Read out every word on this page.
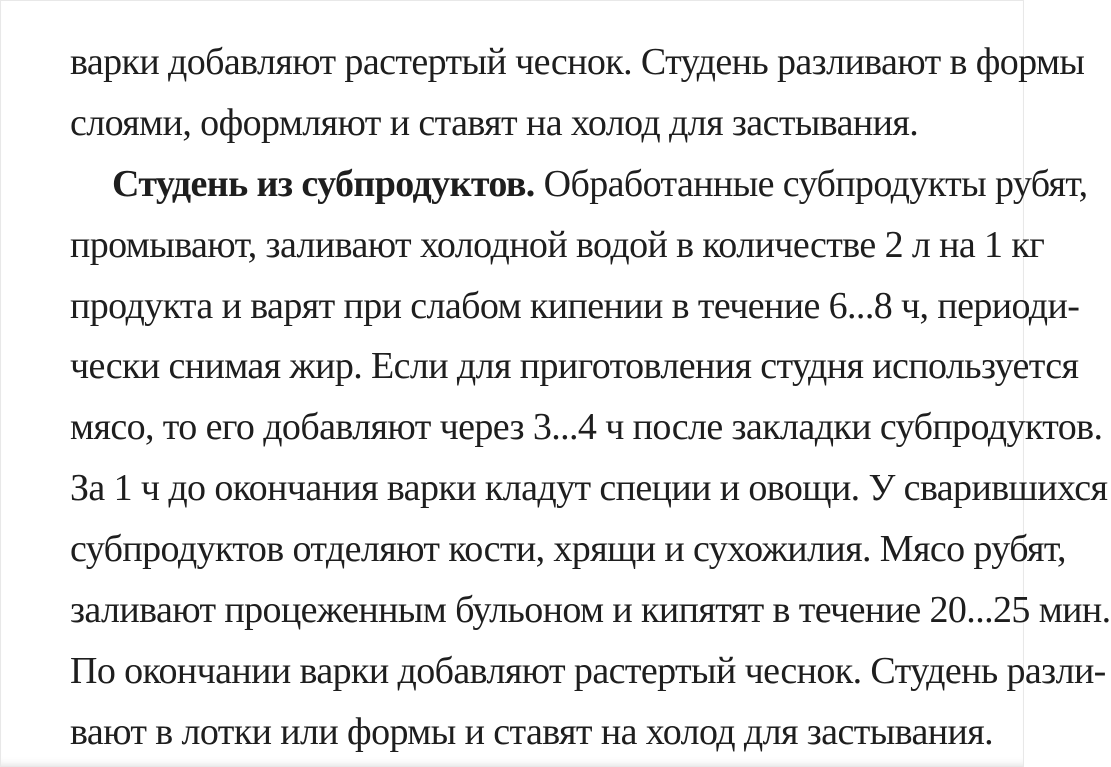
варки добавляют растертый чеснок. Студень разливают в формы
слоями, оформляют и ставят на холод для застывания.
Студень из субпродуктов. Обработанные субпродукты рубят,
промывают, заливают холодной водой в количестве 2 л на 1 кг
продукта и варят при слабом кипении в течение 6...8 ч, периоди-
чески снимая жир. Если для приготовления студня используется
мясо, то его добавляют через 3...4 ч после закладки субпродуктов.
За 1 ч до окончания варки кладут специи и овощи. У сварившихся
субпродуктов отделяют кости, хрящи и сухожилия. Мясо рубят,
заливают процеженным бульоном и кипятят в течение 20...25 мин.
По окончании варки добавляют растертый чеснок. Студень разли-
вают в лотки или формы и ставят на холод для застывания.
